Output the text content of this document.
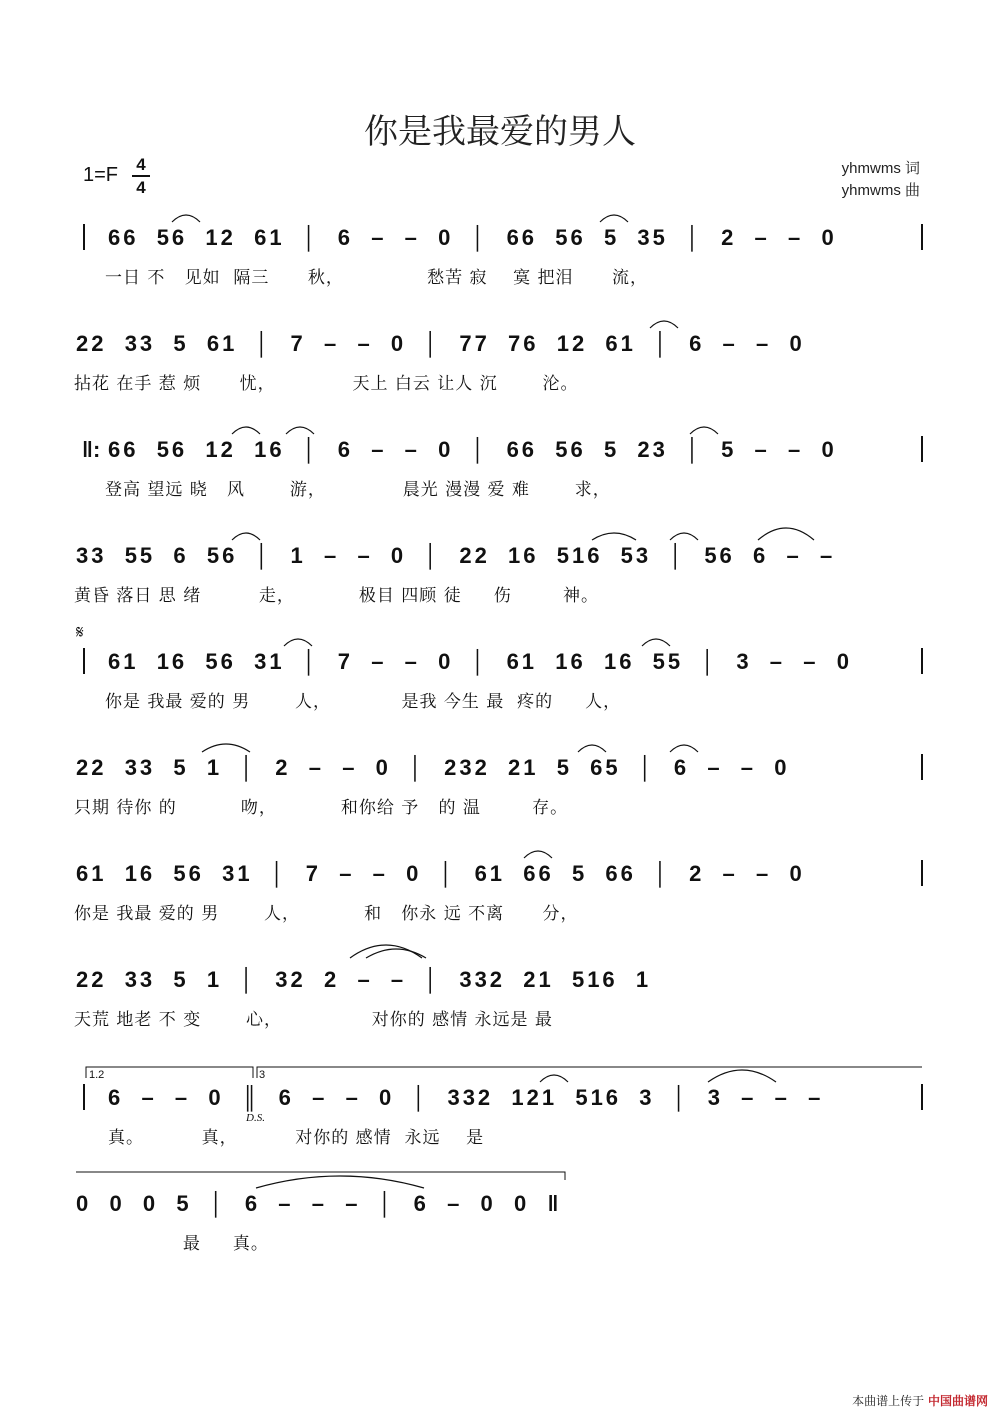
你是我最爱的男人
1=F 4
4
yhmwms 词
yhmwms 曲
66  56  12  61  │  6  –  –  0  │  66  56  5  35  │  2  –  –  0
一日 不   见如  隔三      秋，             愁苦 寂    寞 把泪      流，
22  33  5  61  │  7  –  –  0  │  77  76  12  61  │  6  –  –  0
拈花 在手 惹 烦      忧，            天上 白云 让人 沉       沦。
‖: 66  56  12  16  │  6  –  –  0  │  66  56  5  23  │  5  –  –  0
登高 望远 晓   风       游，            晨光 漫漫 爱 难       求，
33  55  6  56  │  1  –  –  0  │  22  16  516  53  │  56  6  –  –
黄昏 落日 思 绪         走，          极目 四顾 徒     伤        神。
𝄋
61  16  56  31  │  7  –  –  0  │  61  16  16  55  │  3  –  –  0
你是 我最 爱的 男       人，           是我 今生 最  疼的     人，
22  33  5  1  │  2  –  –  0  │  232  21  5  65  │  6  –  –  0
只期 待你 的          吻，          和你给 予   的 温        存。
61  16  56  31  │  7  –  –  0  │  61  66  5  66  │  2  –  –  0
你是 我最 爱的 男       人，          和   你永 远 不离      分，
22  33  5  1  │  32  2  –  –  │  332  21  516  1
天荒 地老 不 变       心，              对你的 感情 永远是 最
1.2	3
D.S.
6  –  –  0  ║  6  –  –  0  │  332  121  516  3  │  3  –  –  –
真。         真，         对你的 感情  永远    是
0  0  0  5  │  6  –  –  –  │  6  –  0  0  ‖
最     真。
本曲谱上传于 中国曲谱网
